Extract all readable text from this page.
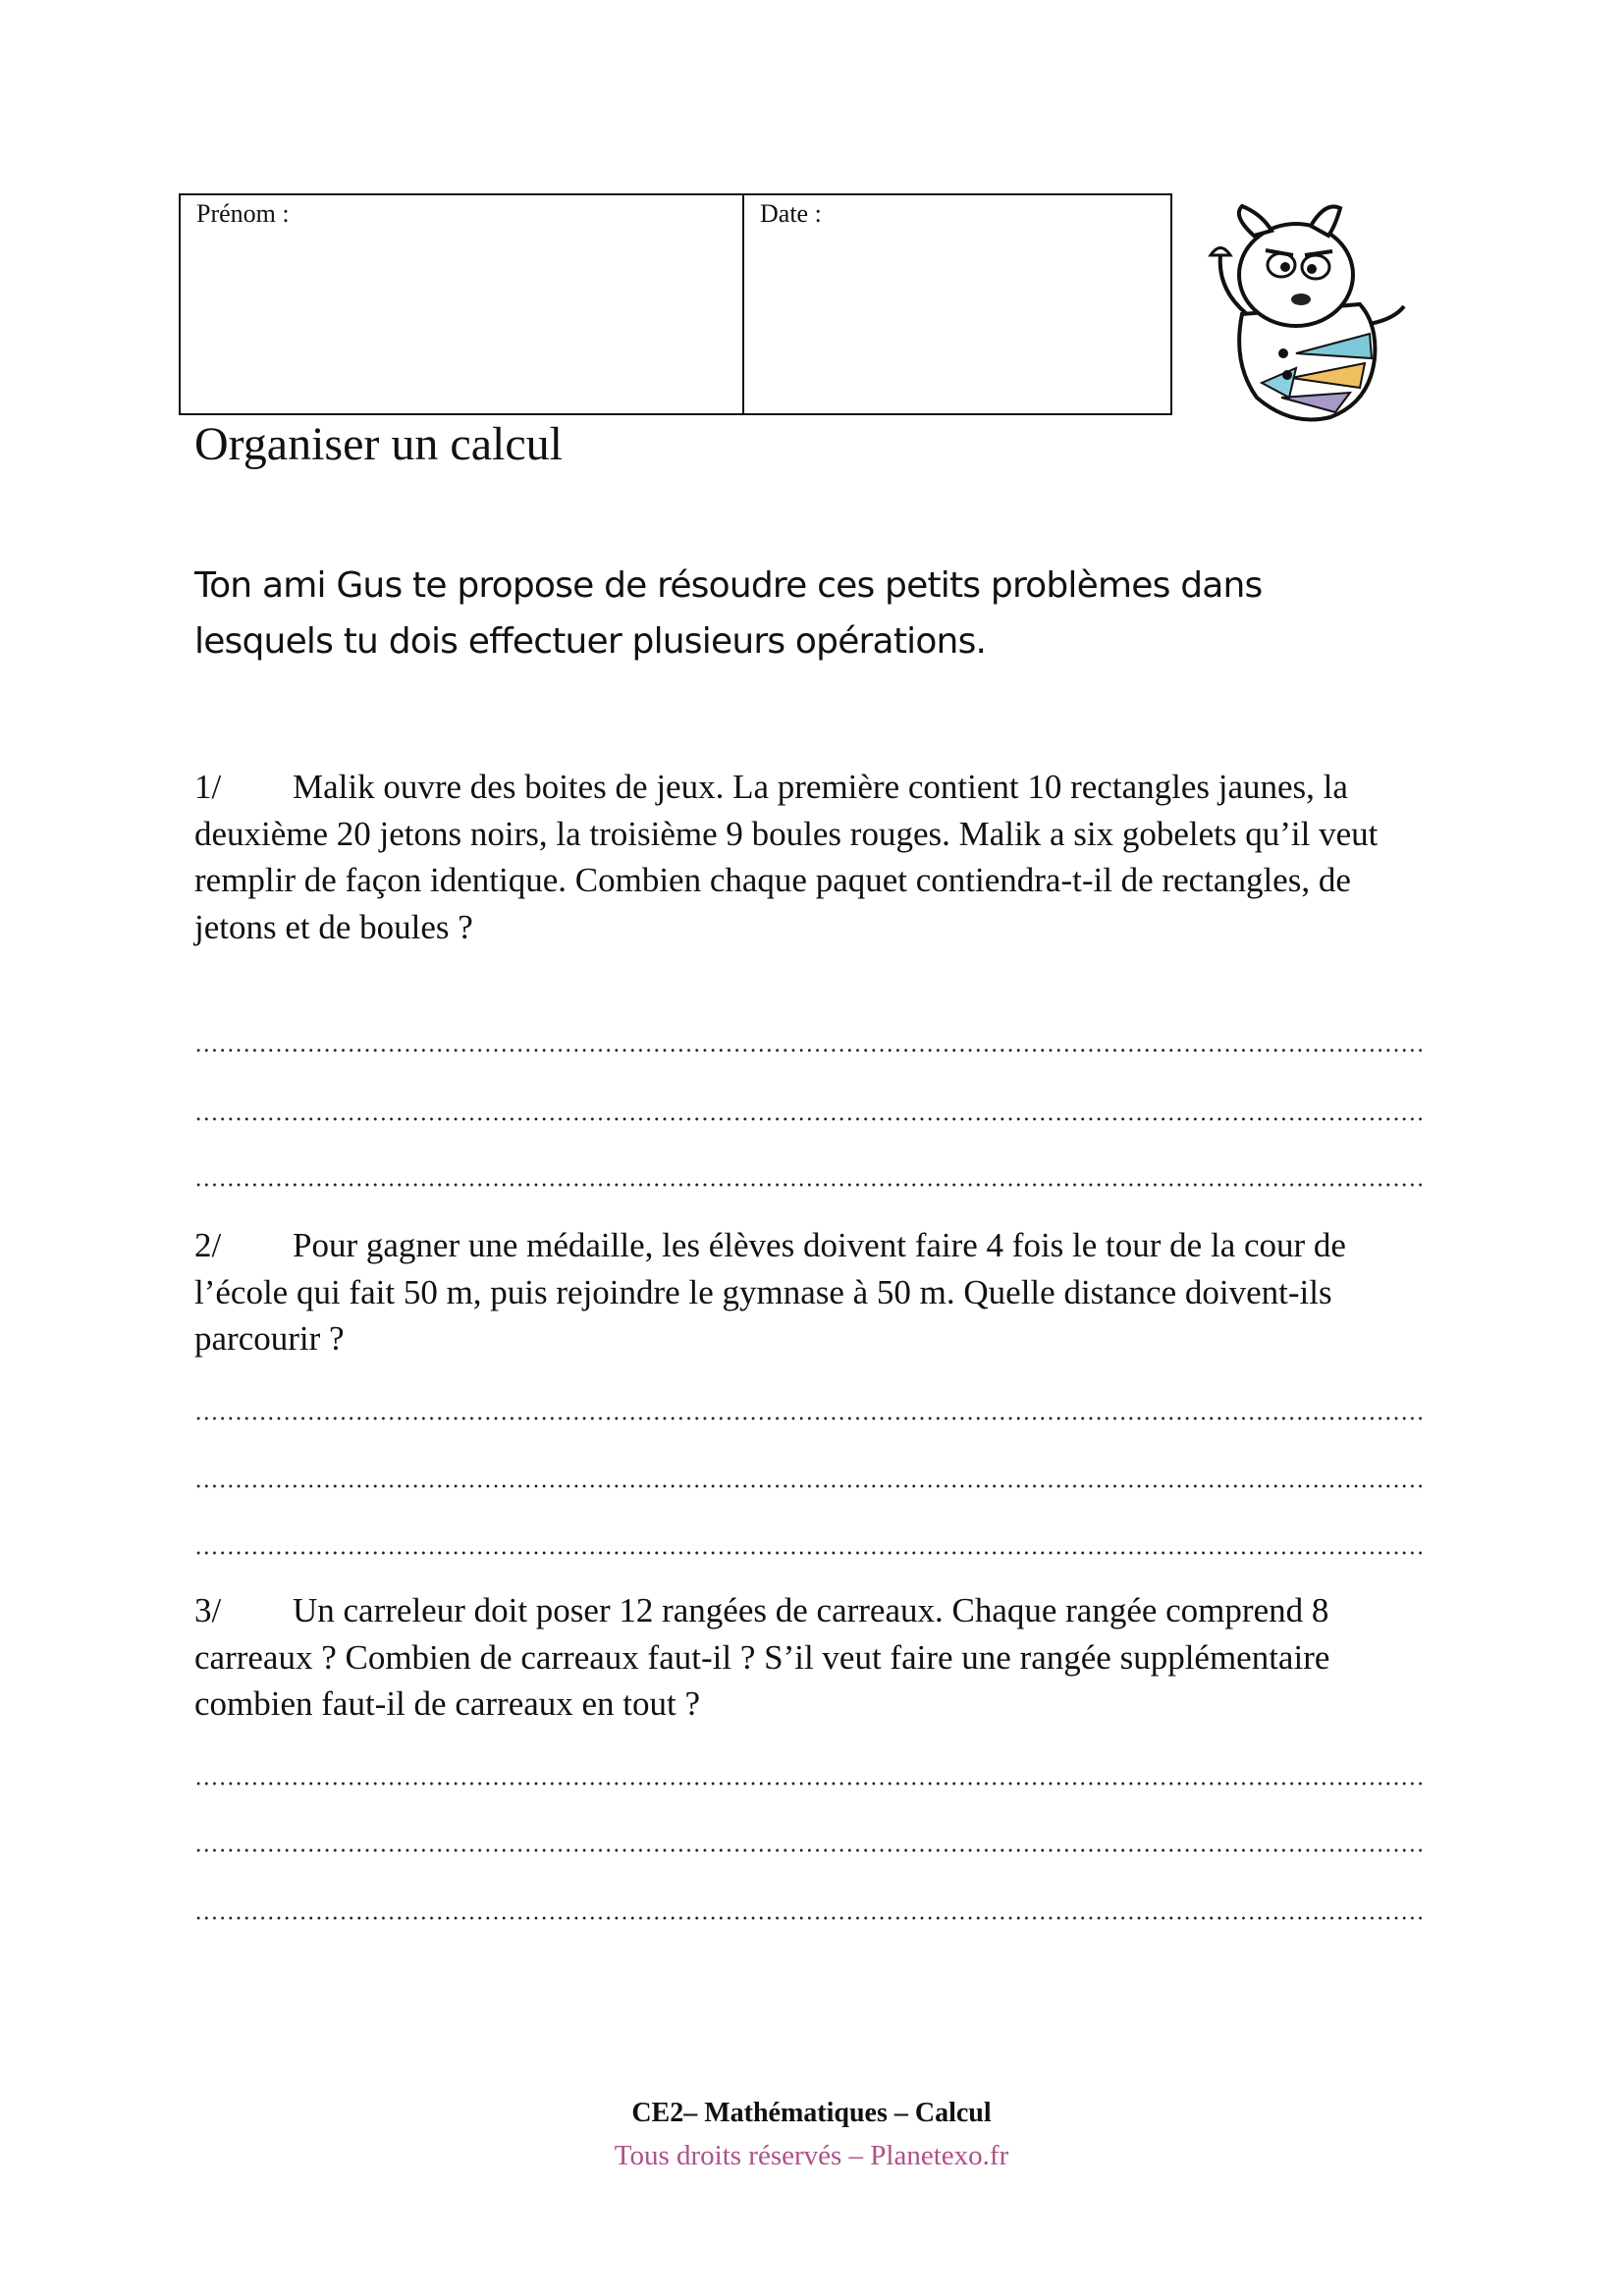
Prénom :	Date :
Organiser un calcul
Ton ami Gus te propose de résoudre ces petits problèmes dans lesquels tu dois effectuer plusieurs opérations.
1/ Malik ouvre des boites de jeux. La première contient 10 rectangles jaunes, la deuxième 20 jetons noirs, la troisième 9 boules rouges. Malik a six gobelets qu’il veut remplir de façon identique. Combien chaque paquet contiendra-t-il de rectangles, de jetons et de boules ?
2/ Pour gagner une médaille, les élèves doivent faire 4 fois le tour de la cour de l’école qui fait 50 m, puis rejoindre le gymnase à 50 m. Quelle distance doivent-ils parcourir ?
3/ Un carreleur doit poser 12 rangées de carreaux. Chaque rangée comprend 8 carreaux ? Combien de carreaux faut-il ? S’il veut faire une rangée supplémentaire combien faut-il de carreaux en tout ?
CE2– Mathématiques – Calcul
Tous droits réservés – Planetexo.fr
